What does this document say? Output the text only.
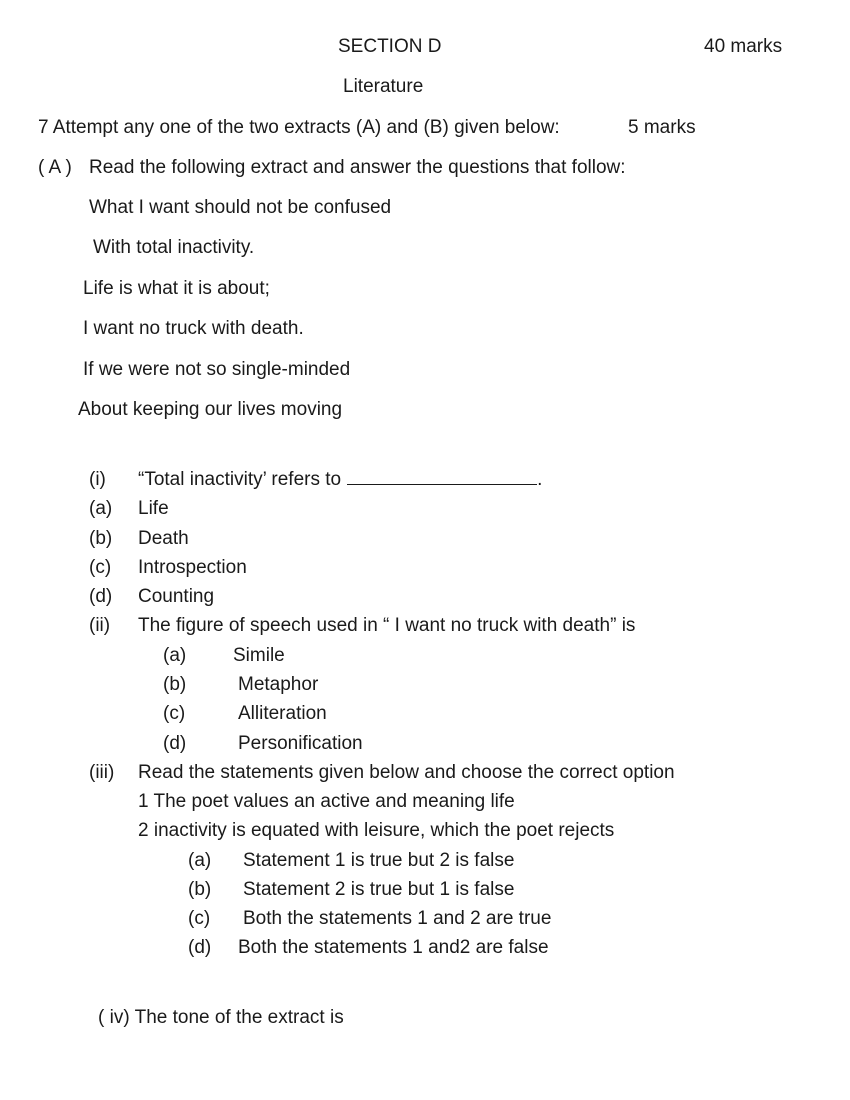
SECTION D	40 marks
Literature
7 Attempt any one of the two extracts (A) and (B) given below:	5 marks
( A ) Read the following extract and answer the questions that follow:
What I want should not be confused
With total inactivity.
Life is what it is about;
I want no truck with death.
If we were not so single-minded
About keeping our lives moving
(i) “Total inactivity’ refers to	.
(a) Life
(b) Death
(c) Introspection
(d) Counting
(ii) The figure of speech used in “ I want no truck with death” is
(a) Simile
(b)	Metaphor
(c)	Alliteration
(d)	Personification
(iii) Read the statements given below and choose the correct option
1 The poet values an active and meaning life
2 inactivity is equated with leisure, which the poet rejects
(a) Statement 1 is true but 2 is false
(b) Statement 2 is true but 1 is false
(c) Both the statements 1 and 2 are true
(d) Both the statements 1 and2 are false
( iv) The tone of the extract is
